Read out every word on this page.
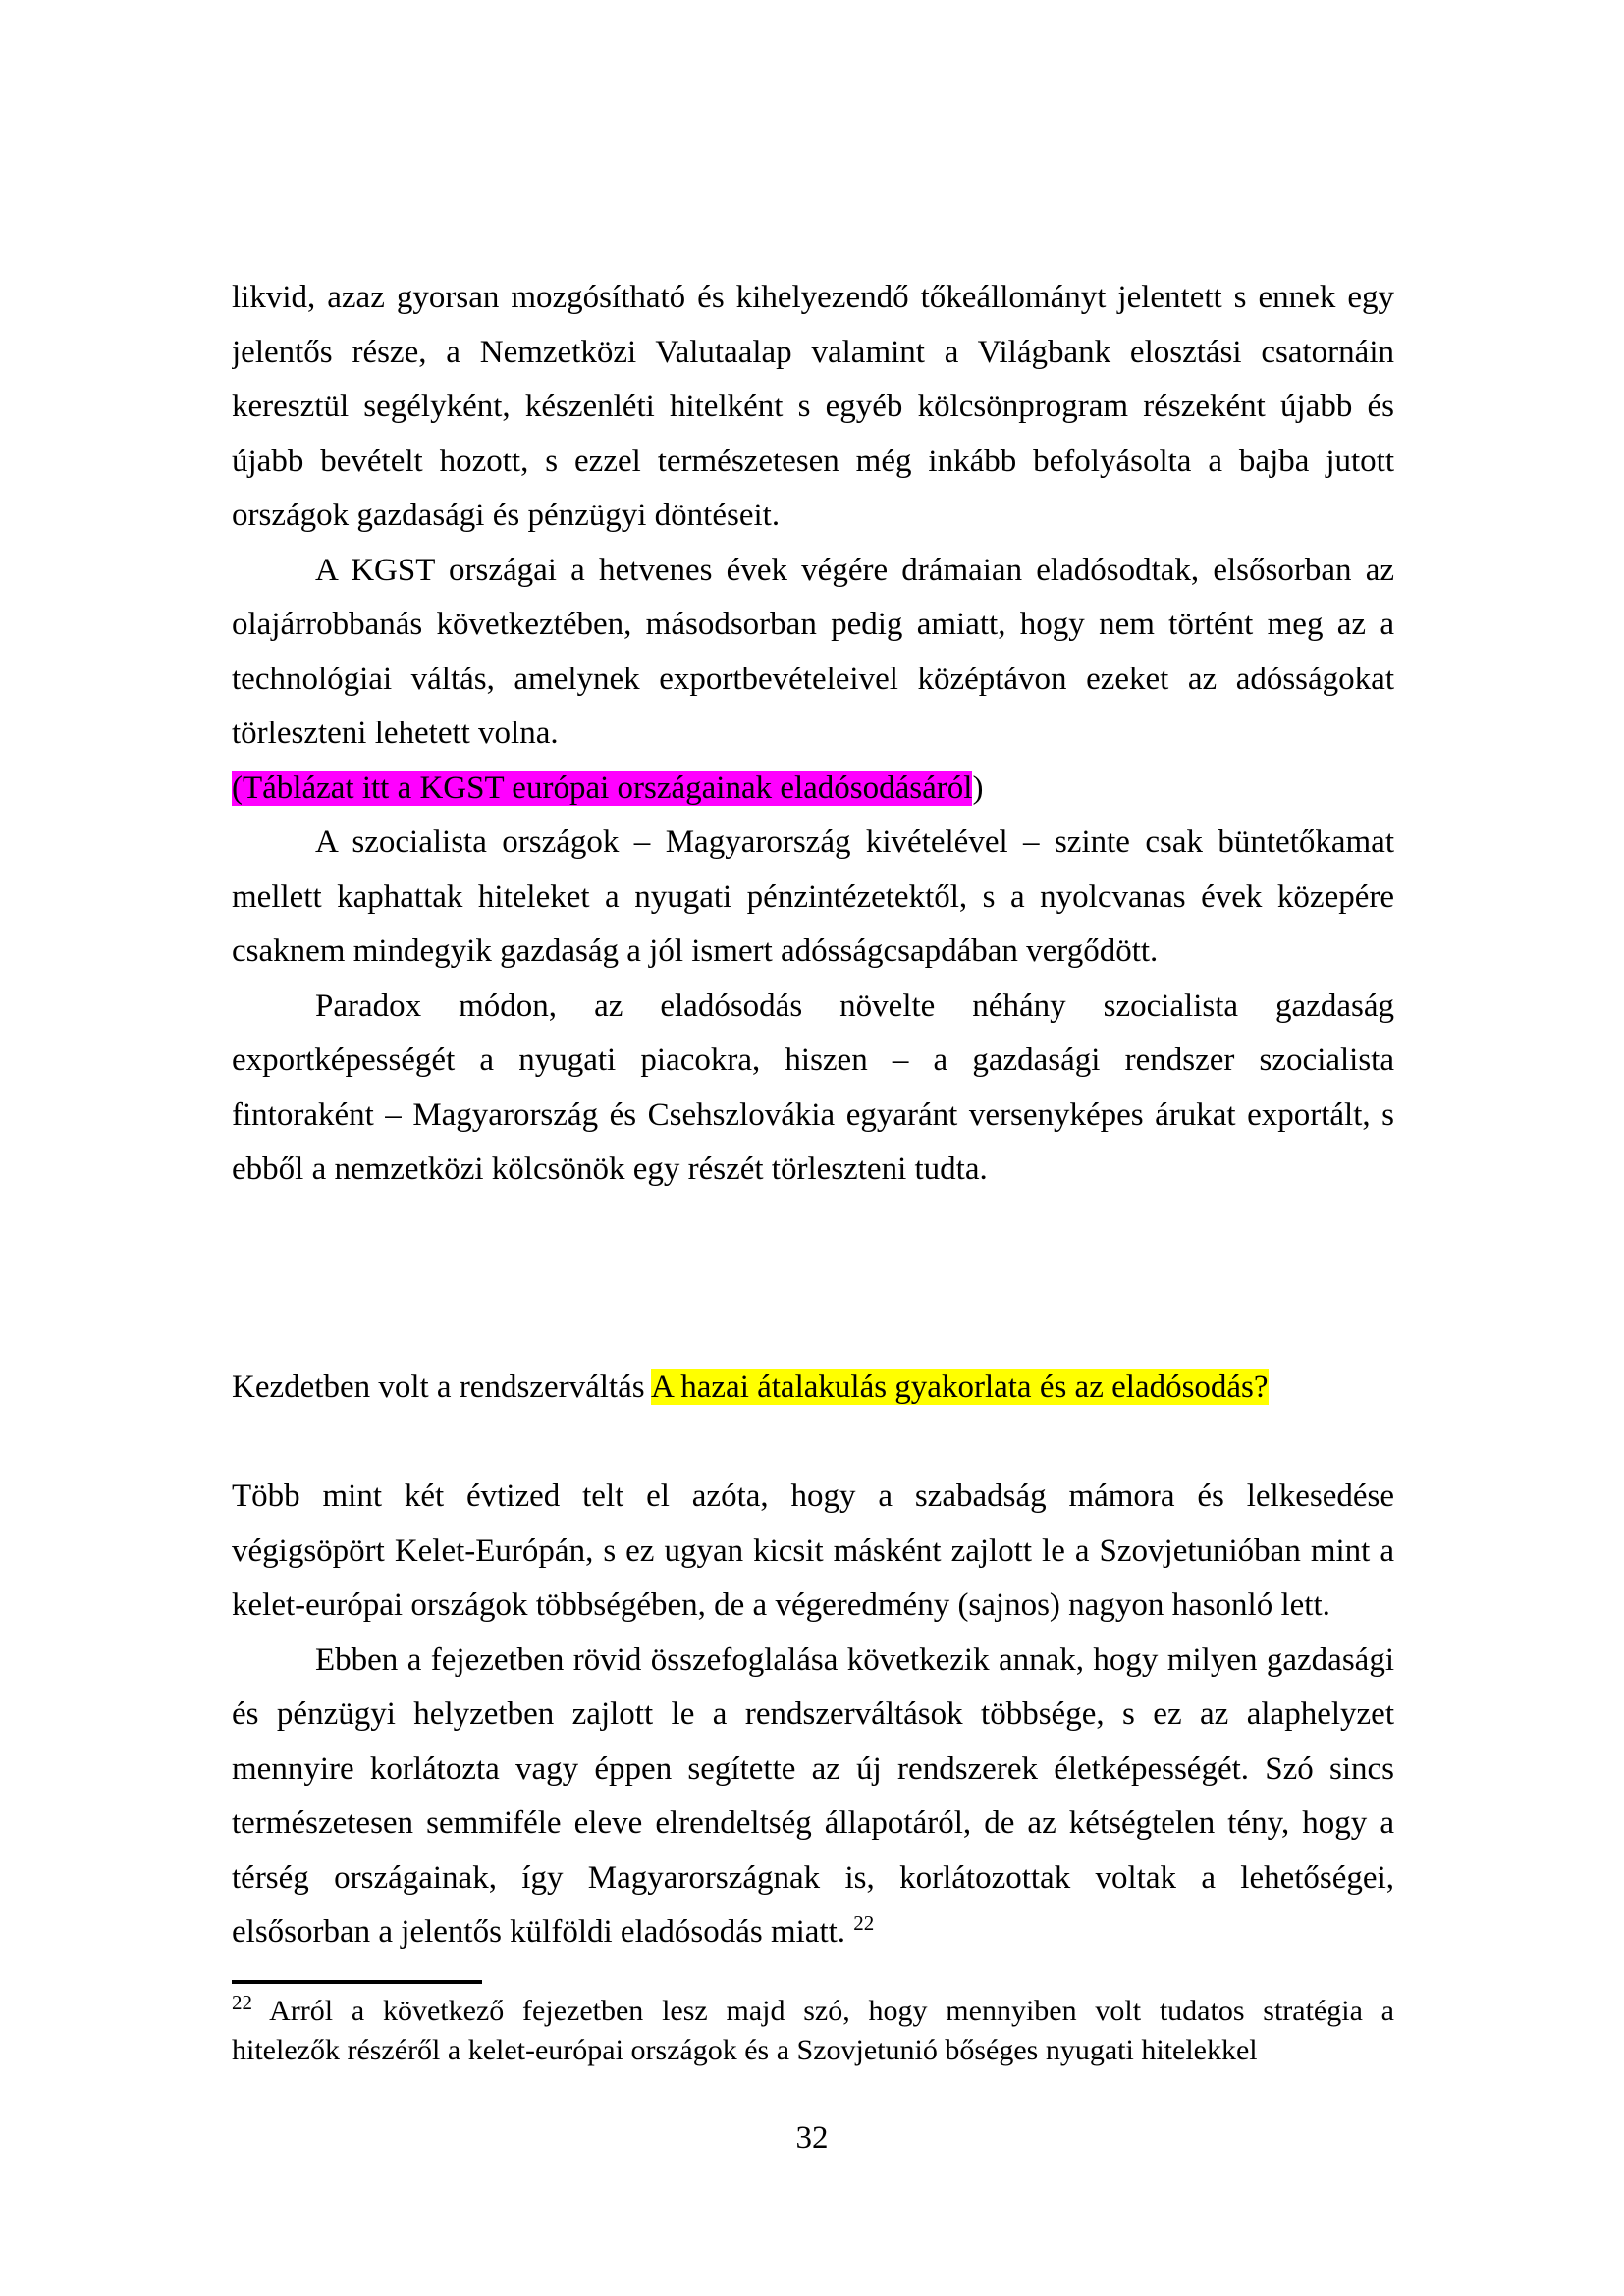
likvid, azaz gyorsan mozgósítható és kihelyezendő tőkeállományt jelentett s ennek egy
jelentős része, a Nemzetközi Valutaalap valamint a Világbank elosztási csatornáin
keresztül segélyként, készenléti hitelként s egyéb kölcsönprogram részeként újabb és
újabb bevételt hozott, s ezzel természetesen még inkább befolyásolta a bajba jutott
országok gazdasági és pénzügyi döntéseit.
A KGST országai a hetvenes évek végére drámaian eladósodtak, elsősorban az
olajárrobbanás következtében, másodsorban pedig amiatt, hogy nem történt meg az a
technológiai váltás, amelynek exportbevételeivel középtávon ezeket az adósságokat
törleszteni lehetett volna.
(Táblázat itt a KGST európai országainak eladósodásáról)
A szocialista országok – Magyarország kivételével – szinte csak büntetőkamat
mellett kaphattak hiteleket a nyugati pénzintézetektől, s a nyolcvanas évek közepére
csaknem mindegyik gazdaság a jól ismert adósságcsapdában vergődött.
Paradox módon, az eladósodás növelte néhány szocialista gazdaság
exportképességét a nyugati piacokra, hiszen – a gazdasági rendszer szocialista
fintoraként – Magyarország és Csehszlovákia egyaránt versenyképes árukat exportált, s
ebből a nemzetközi kölcsönök egy részét törleszteni tudta.
Kezdetben volt a rendszerváltás A hazai átalakulás gyakorlata és az eladósodás?
Több mint két évtized telt el azóta, hogy a szabadság mámora és lelkesedése
végigsöpört Kelet-Európán, s ez ugyan kicsit másként zajlott le a Szovjetunióban mint a
kelet-európai országok többségében, de a végeredmény (sajnos) nagyon hasonló lett.
Ebben a fejezetben rövid összefoglalása következik annak, hogy milyen gazdasági
és pénzügyi helyzetben zajlott le a rendszerváltások többsége, s ez az alaphelyzet
mennyire korlátozta vagy éppen segítette az új rendszerek életképességét. Szó sincs
természetesen semmiféle eleve elrendeltség állapotáról, de az kétségtelen tény, hogy a
térség országainak, így Magyarországnak is, korlátozottak voltak a lehetőségei,
elsősorban a jelentős külföldi eladósodás miatt. $^{22}$
$^{22}$ Arról a következő fejezetben lesz majd szó, hogy mennyiben volt tudatos stratégia a
hitelezők részéről a kelet-európai országok és a Szovjetunió bőséges nyugati hitelekkel
32
